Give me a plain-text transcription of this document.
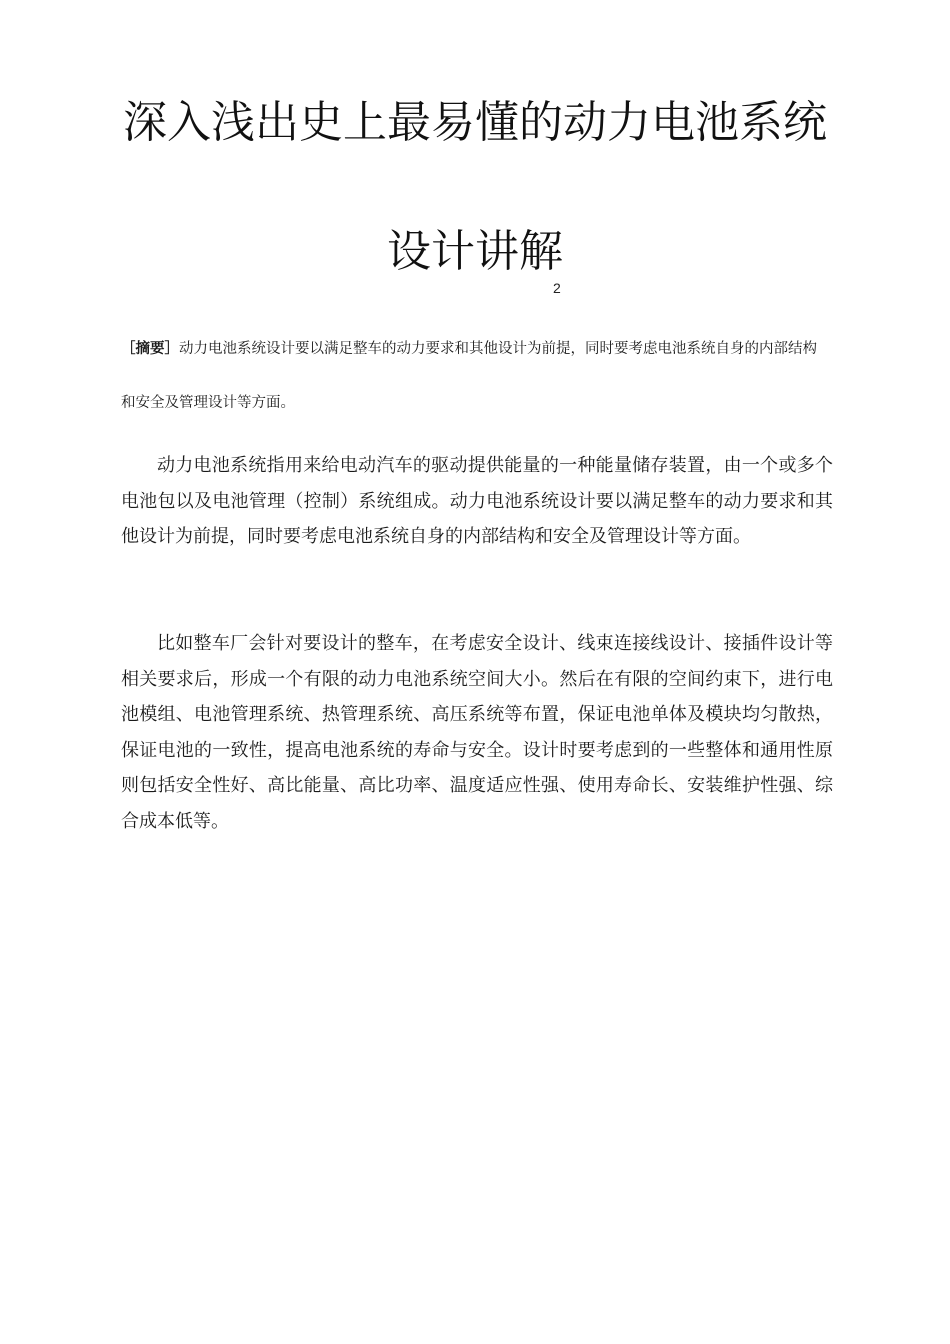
深入浅出史上最易懂的动力电池系统
设计讲解
2

［摘要］动力电池系统设计要以满足整车的动力要求和其他设计为前提，同时要考虑电池系统自身的内部结构和安全及管理设计等方面。

动力电池系统指用来给电动汽车的驱动提供能量的一种能量储存装置，由一个或多个电池包以及电池管理（控制）系统组成。动力电池系统设计要以满足整车的动力要求和其他设计为前提，同时要考虑电池系统自身的内部结构和安全及管理设计等方面。

比如整车厂会针对要设计的整车，在考虑安全设计、线束连接线设计、接插件设计等相关要求后，形成一个有限的动力电池系统空间大小。然后在有限的空间约束下，进行电池模组、电池管理系统、热管理系统、高压系统等布置，保证电池单体及模块均匀散热，保证电池的一致性，提高电池系统的寿命与安全。设计时要考虑到的一些整体和通用性原则包括安全性好、高比能量、高比功率、温度适应性强、使用寿命长、安装维护性强、综合成本低等。
